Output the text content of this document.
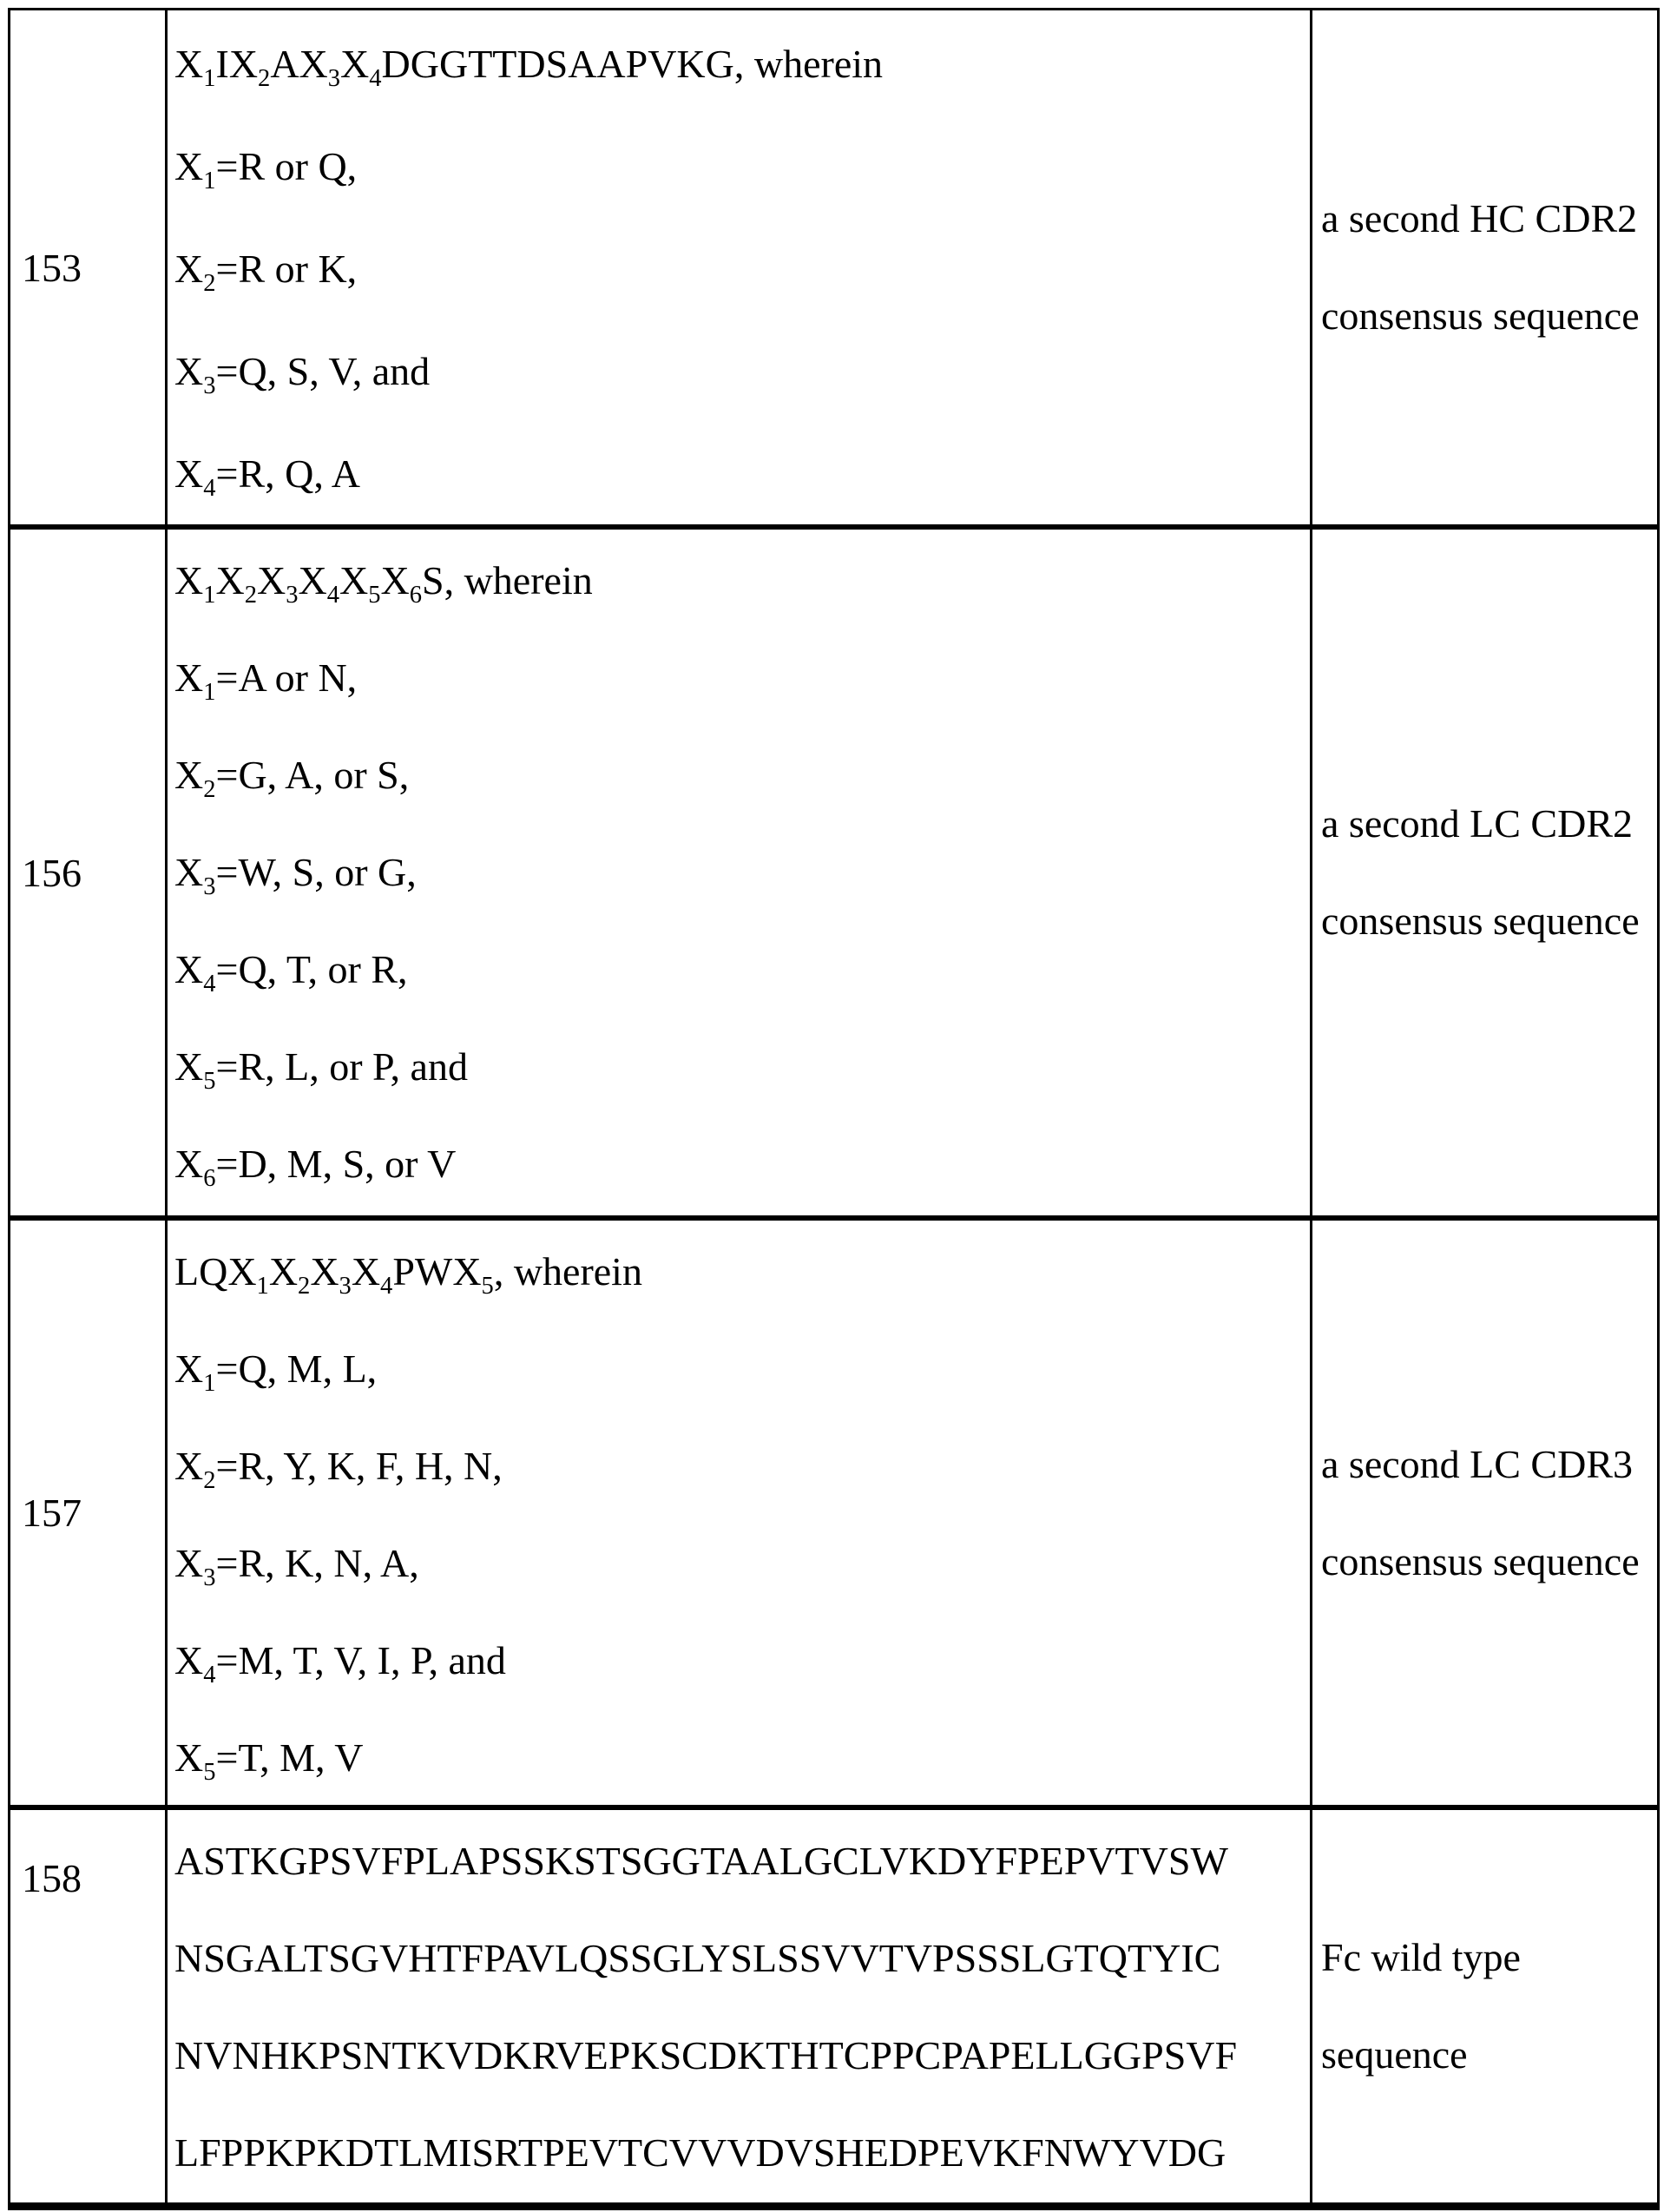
153
$X_1IX_2AX_3X_4DGGTTDSAAPVKG$, wherein
$X_1=R$ or Q,
$X_2=R$ or K,
$X_3=Q$, S, V, and
$X_4=R$, Q, A
a second HC CDR2
consensus sequence
156
$X_1X_2X_3X_4X_5X_6S$, wherein
$X_1=A$ or N,
$X_2=G$, A, or S,
$X_3=W$, S, or G,
$X_4=Q$, T, or R,
$X_5=R$, L, or P, and
$X_6=D$, M, S, or V
a second LC CDR2
consensus sequence
157
$LQX_1X_2X_3X_4PWX_5$, wherein
$X_1=Q$, M, L,
$X_2=R$, Y, K, F, H, N,
$X_3=R$, K, N, A,
$X_4=M$, T, V, I, P, and
$X_5=T$, M, V
a second LC CDR3
consensus sequence
158 ASTKGPSVFPLAPSSKSTSGGTAALGCLVKDYFPEPVTVSW
NSGALTSGVHTFPAVLQSSGLYSLSSVVTVPSSSLGTQTYIC
NVNHKPSNTKVDKRVEPKSCDKTHTCPPCPAPELLGGPSVF
LFPPKPKDTLMISRTPEVTCVVVDVSHEDPEVKFNWYVDG
Fc wild type
sequence
